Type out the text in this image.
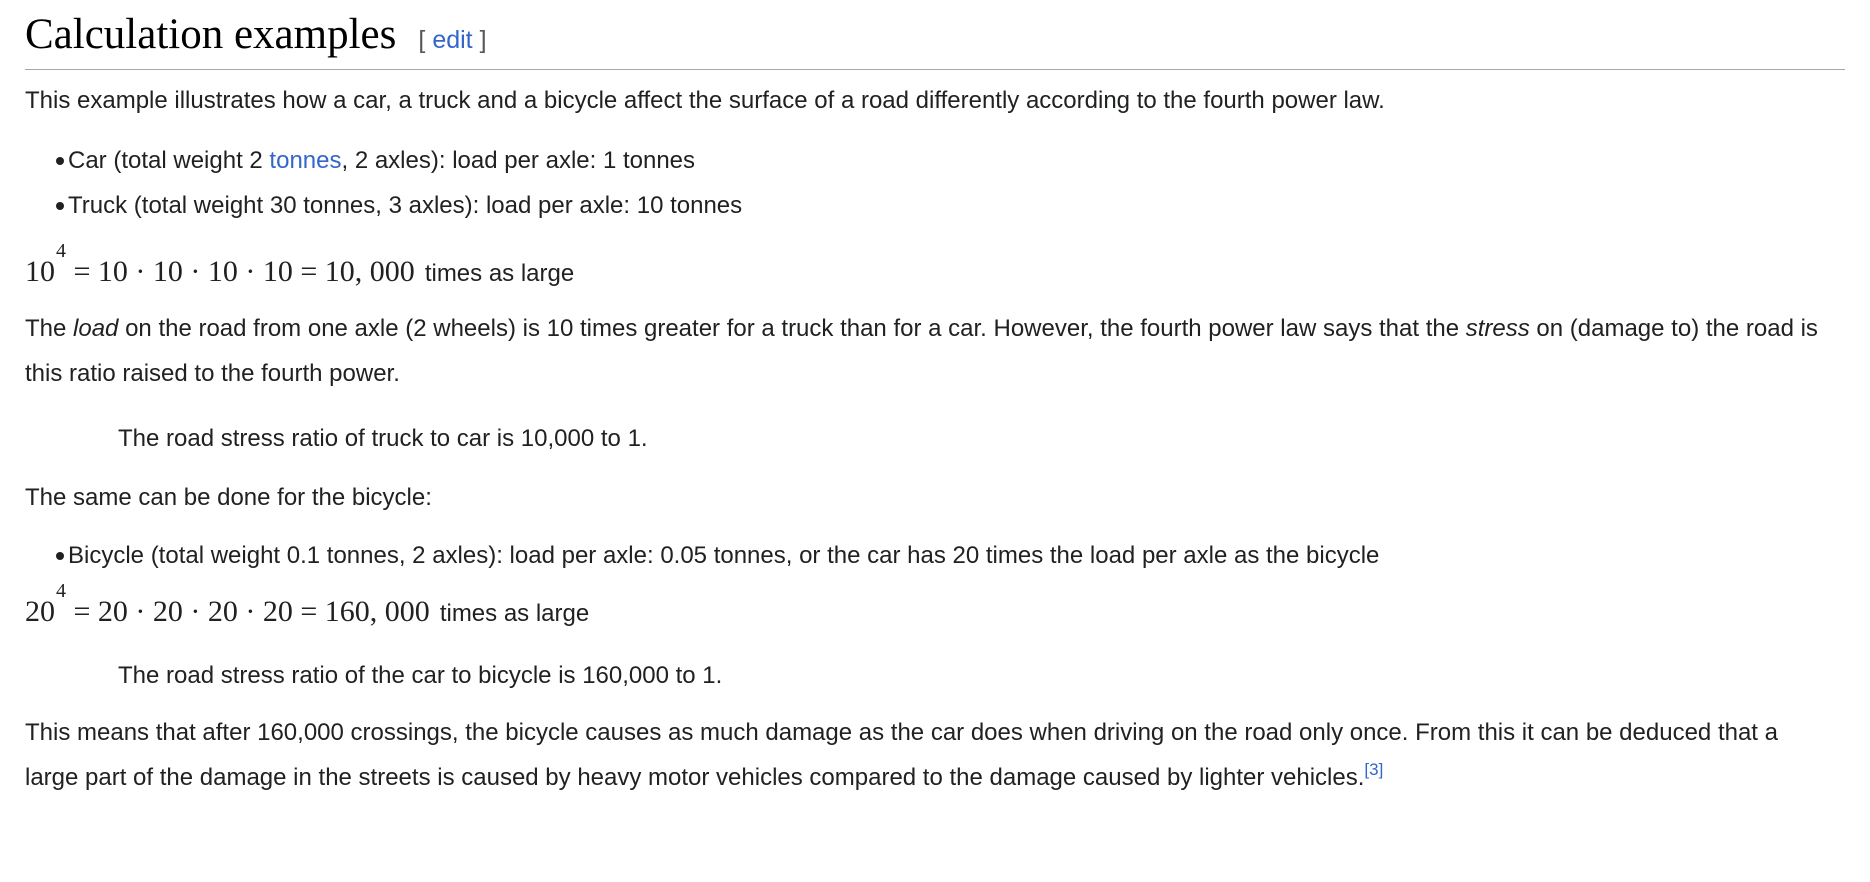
Calculation examples [ edit ]

This example illustrates how a car, a truck and a bicycle affect the surface of a road differently according to the fourth power law.

Car (total weight 2 tonnes, 2 axles): load per axle: 1 tonnes
Truck (total weight 30 tonnes, 3 axles): load per axle: 10 tonnes

$10^4 = 10 \cdot 10 \cdot 10 \cdot 10 = 10$, 000 times as large

The load on the road from one axle (2 wheels) is 10 times greater for a truck than for a car. However, the fourth power law says that the stress on (damage to) the road is this ratio raised to the fourth power.

The road stress ratio of truck to car is 10,000 to 1.

The same can be done for the bicycle:

Bicycle (total weight 0.1 tonnes, 2 axles): load per axle: 0.05 tonnes, or the car has 20 times the load per axle as the bicycle

$20^4 = 20 \cdot 20 \cdot 20 \cdot 20 = 160$, 000 times as large

The road stress ratio of the car to bicycle is 160,000 to 1.

This means that after 160,000 crossings, the bicycle causes as much damage as the car does when driving on the road only once. From this it can be deduced that a large part of the damage in the streets is caused by heavy motor vehicles compared to the damage caused by lighter vehicles.[3]
